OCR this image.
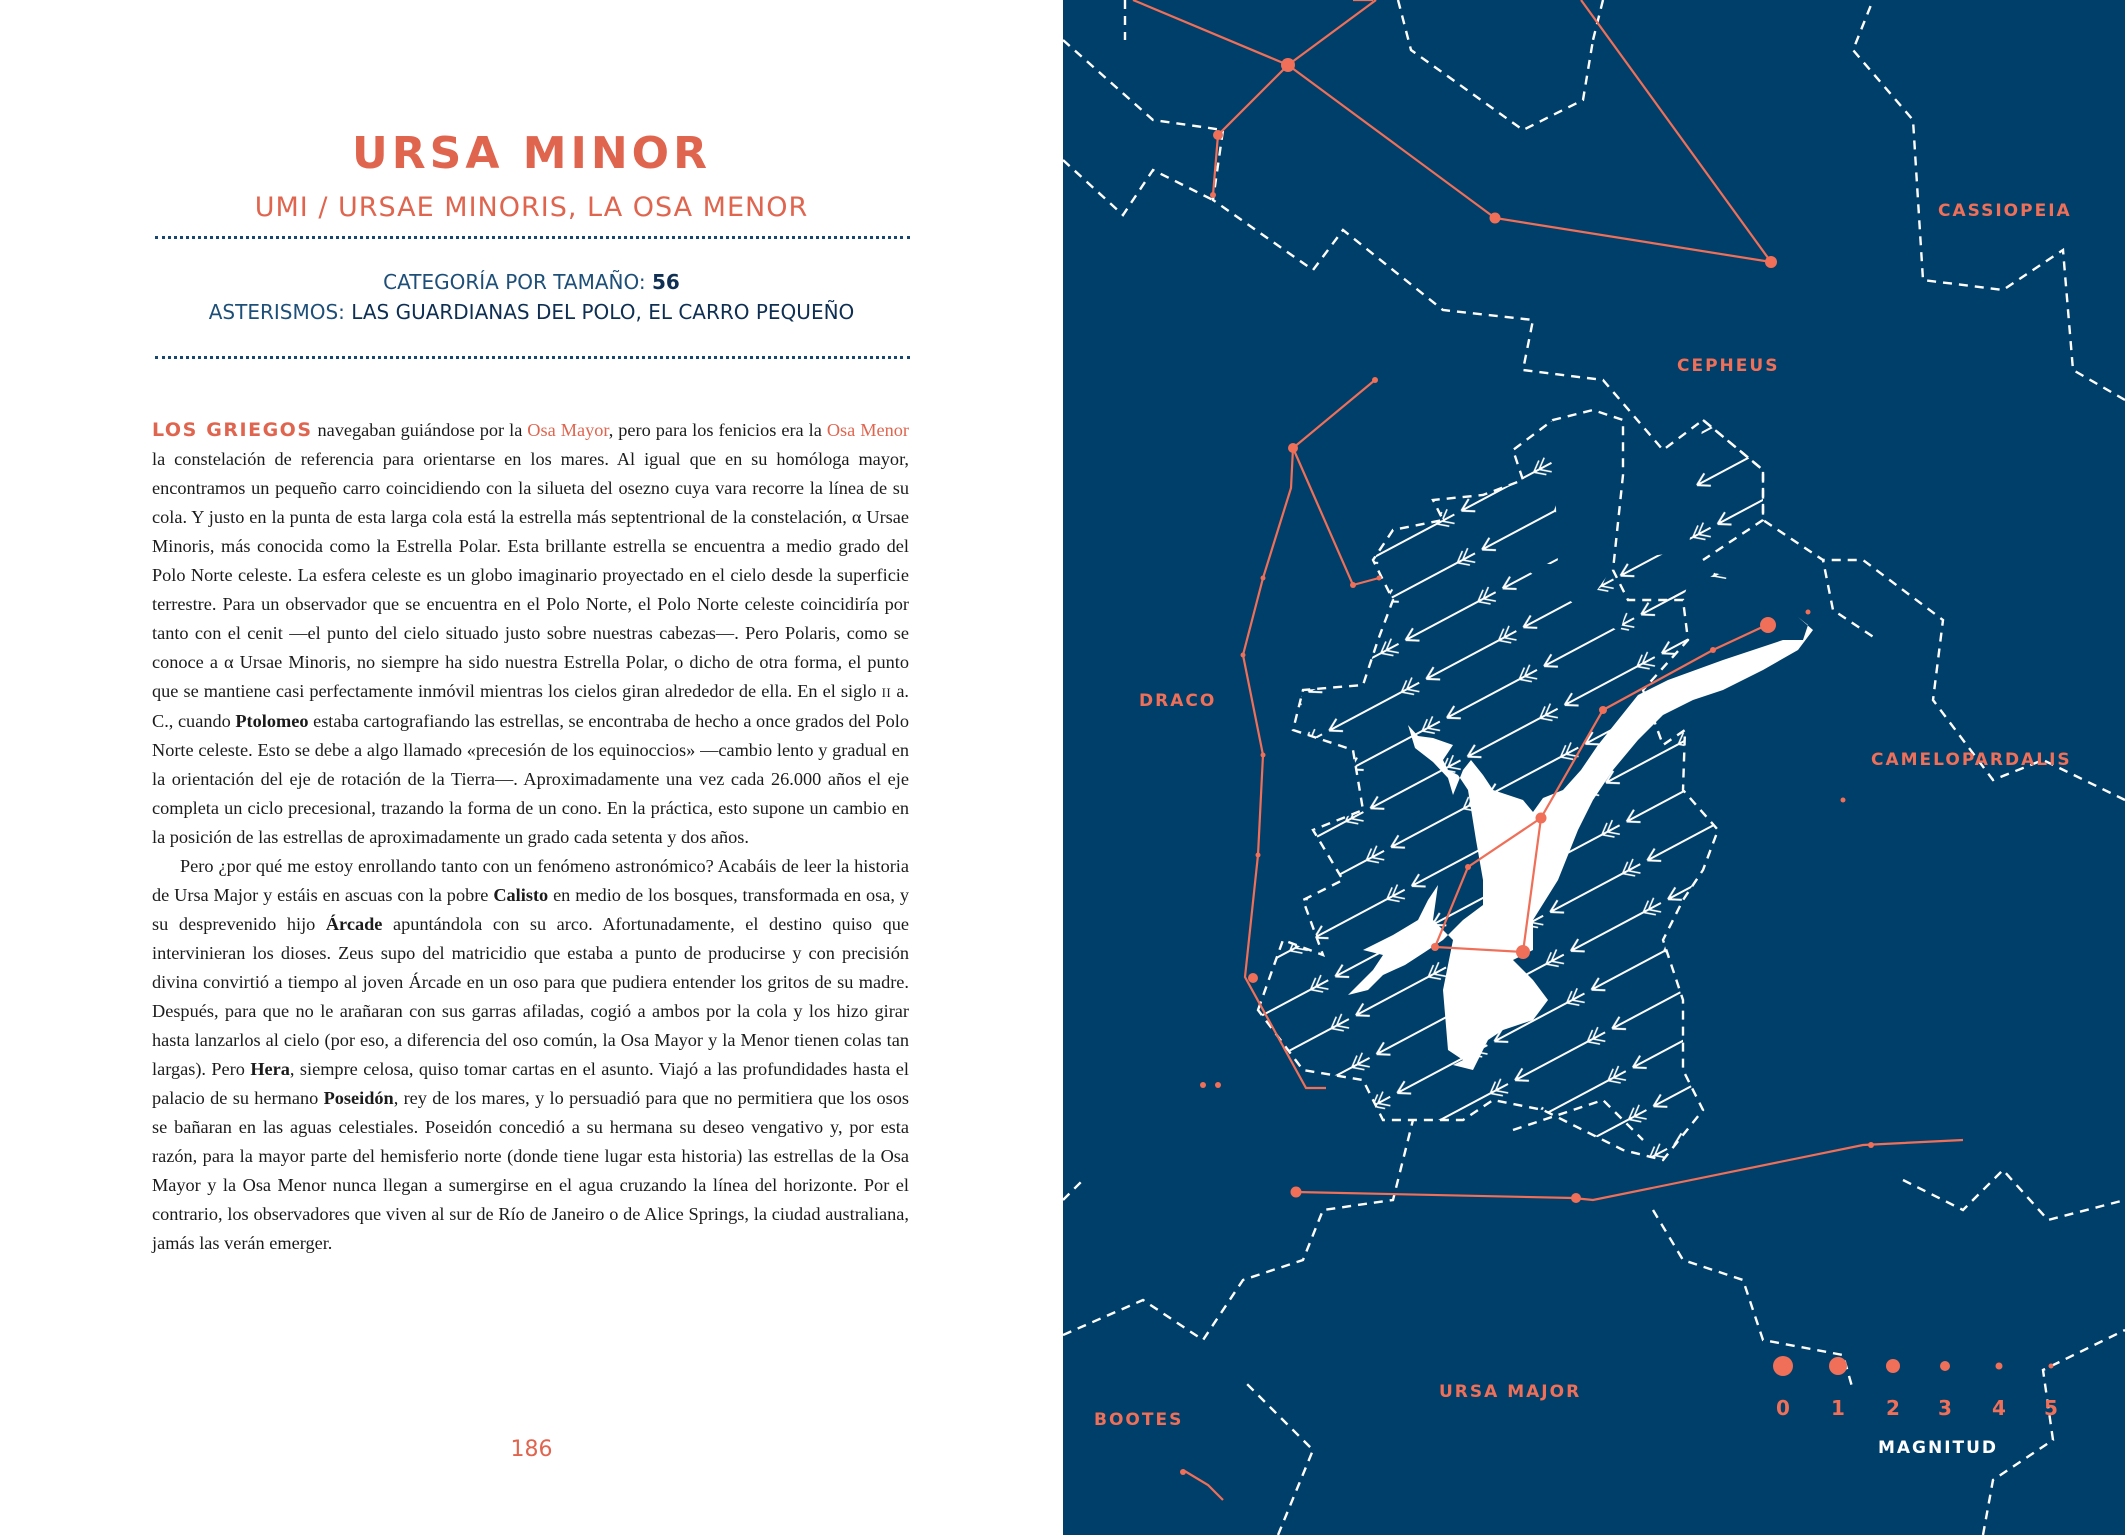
URSA MINOR
UMI / URSAE MINORIS, LA OSA MENOR
CATEGORÍA POR TAMAÑO: 56
ASTERISMOS: LAS GUARDIANAS DEL POLO, EL CARRO PEQUEÑO

LOS GRIEGOS navegaban guiándose por la Osa Mayor, pero para los fenicios era la Osa Menor la constelación de referencia para orientarse en los mares. Al igual que en su homóloga mayor, encontramos un pequeño carro coincidiendo con la silueta del osezno cuya vara recorre la línea de su cola. Y justo en la punta de esta larga cola está la estrella más septentrional de la constelación, α Ursae Minoris, más conocida como la Estrella Polar. Esta brillante estrella se encuentra a medio grado del Polo Norte celeste. La esfera celeste es un globo imaginario proyectado en el cielo desde la superficie terrestre. Para un observador que se encuentra en el Polo Norte, el Polo Norte celeste coincidiría por tanto con el cenit —el punto del cielo situado justo sobre nuestras cabezas—. Pero Polaris, como se conoce a α Ursae Minoris, no siempre ha sido nuestra Estrella Polar, o dicho de otra forma, el punto que se mantiene casi perfectamente inmóvil mientras los cielos giran alrededor de ella. En el siglo II a. C., cuando Ptolomeo estaba cartografiando las estrellas, se encontraba de hecho a once grados del Polo Norte celeste. Esto se debe a algo llamado «precesión de los equinoccios» —cambio lento y gradual en la orientación del eje de rotación de la Tierra—. Aproximadamente una vez cada 26.000 años el eje completa un ciclo precesional, trazando la forma de un cono. En la práctica, esto supone un cambio en la posición de las estrellas de aproximadamente un grado cada setenta y dos años.

Pero ¿por qué me estoy enrollando tanto con un fenómeno astronómico? Acabáis de leer la historia de Ursa Major y estáis en ascuas con la pobre Calisto en medio de los bosques, transformada en osa, y su desprevenido hijo Árcade apuntándola con su arco. Afortunadamente, el destino quiso que intervinieran los dioses. Zeus supo del matricidio que estaba a punto de producirse y con precisión divina convirtió a tiempo al joven Árcade en un oso para que pudiera entender los gritos de su madre. Después, para que no le arañaran con sus garras afiladas, cogió a ambos por la cola y los hizo girar hasta lanzarlos al cielo (por eso, a diferencia del oso común, la Osa Mayor y la Menor tienen colas tan largas). Pero Hera, siempre celosa, quiso tomar cartas en el asunto. Viajó a las profundidades hasta el palacio de su hermano Poseidón, rey de los mares, y lo persuadió para que no permitiera que los osos se bañaran en las aguas celestiales. Poseidón concedió a su hermana su deseo vengativo y, por esta razón, para la mayor parte del hemisferio norte (donde tiene lugar esta historia) las estrellas de la Osa Mayor y la Osa Menor nunca llegan a sumergirse en el agua cruzando la línea del horizonte. Por el contrario, los observadores que viven al sur de Río de Janeiro o de Alice Springs, la ciudad australiana, jamás las verán emerger.

186
CASSIOPEIA
CEPHEUS
DRACO
CAMELOPARDALIS
URSA MAJOR
BOOTES	0	1	2	3	4	5
MAGNITUD
